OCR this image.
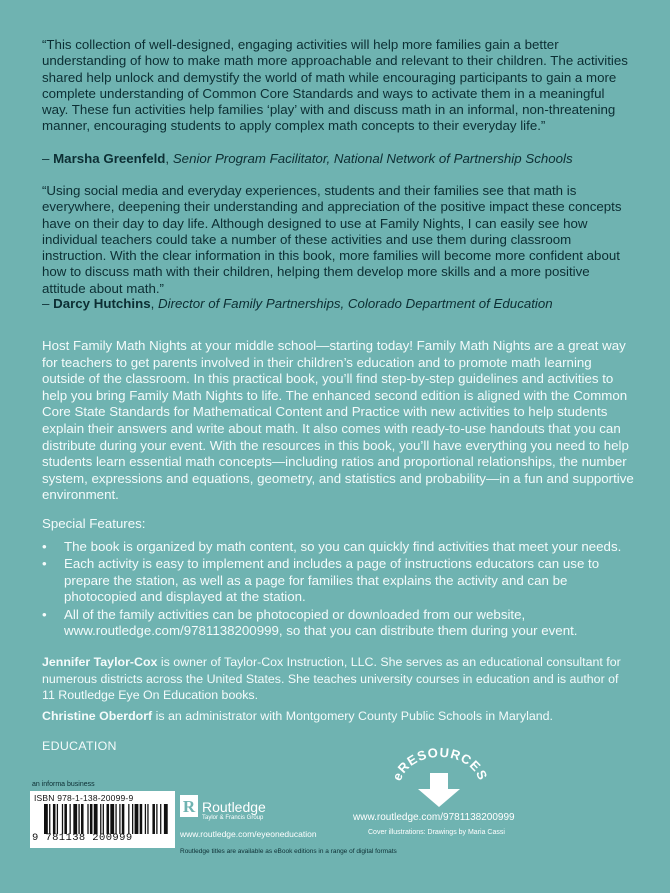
“This collection of well-designed, engaging activities will help more families gain a better understanding of how to make math more approachable and relevant to their children. The activities shared help unlock and demystify the world of math while encouraging participants to gain a more complete understanding of Common Core Standards and ways to activate them in a meaningful way. These fun activities help families ‘play’ with and discuss math in an informal, non-threatening manner, encouraging students to apply complex math concepts to their everyday life.”

– Marsha Greenfeld, Senior Program Facilitator, National Network of Partnership Schools

“Using social media and everyday experiences, students and their families see that math is everywhere, deepening their understanding and appreciation of the positive impact these concepts have on their day to day life. Although designed to use at Family Nights, I can easily see how individual teachers could take a number of these activities and use them during classroom instruction. With the clear information in this book, more families will become more confident about how to discuss math with their children, helping them develop more skills and a more positive attitude about math.”

– Darcy Hutchins, Director of Family Partnerships, Colorado Department of Education

Host Family Math Nights at your middle school—starting today! Family Math Nights are a great way for teachers to get parents involved in their children’s education and to promote math learning outside of the classroom. In this practical book, you’ll find step-by-step guidelines and activities to help you bring Family Math Nights to life. The enhanced second edition is aligned with the Common Core State Standards for Mathematical Content and Practice with new activities to help students explain their answers and write about math. It also comes with ready-to-use handouts that you can distribute during your event. With the resources in this book, you’ll have everything you need to help students learn essential math concepts—including ratios and proportional relationships, the number system, expressions and equations, geometry, and statistics and probability—in a fun and supportive environment.

Special Features:

• The book is organized by math content, so you can quickly find activities that meet your needs.
• Each activity is easy to implement and includes a page of instructions educators can use to prepare the station, as well as a page for families that explains the activity and can be photocopied and displayed at the station.
• All of the family activities can be photocopied or downloaded from our website, www.routledge.com/9781138200999, so that you can distribute them during your event.

Jennifer Taylor-Cox is owner of Taylor-Cox Instruction, LLC. She serves as an educational consultant for numerous districts across the United States. She teaches university courses in education and is author of 11 Routledge Eye On Education books.

Christine Oberdorf is an administrator with Montgomery County Public Schools in Maryland.

EDUCATION

an informa business
ISBN 978-1-138-20099-9
9 781138 200999
R Routledge
Taylor & Francis Group
www.routledge.com/eyeoneducation
Routledge titles are available as eBook editions in a range of digital formats
eRESOURCES
www.routledge.com/9781138200999
Cover illustrations: Drawings by Maria Cassi
